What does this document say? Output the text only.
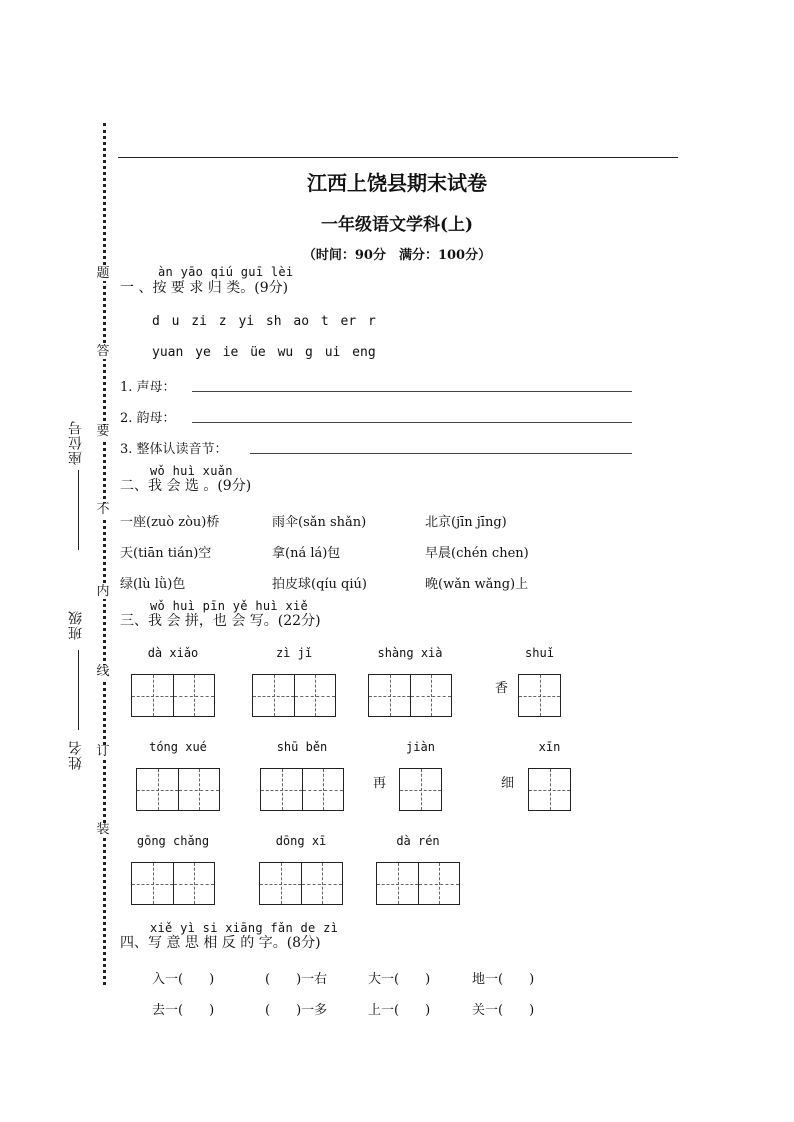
题
答
要
不
内
线
订
装
座位号
班级
姓名
江西上饶县期末试卷
一年级语文学科(上)
（时间：90分　满分：100分）
àn yāo qiú guī lèi
一 、按 要 求 归 类。(9分)
d u zi z yi sh ao t er r
yuan ye ie üe wu g ui eng
1. 声母：
2. 韵母：
3. 整体认读音节：
wǒ huì xuǎn
二、我 会 选 。(9分)
一座(zuò zòu)桥	雨伞(sǎn shǎn)	北京(jīn jīng)
天(tiān tián)空	拿(ná lá)包	早晨(chén chen)
绿(lù lǜ)色	拍皮球(qíu qiú)	晚(wǎn wǎng)上
wǒ huì pīn yě huì xiě
三、我 会 拼，也 会 写。(22分)
dà xiǎo	zì jǐ	shàng xià
香
shuǐ
tóng xué	shū běn
再
jiàn
细
xīn
gōng chǎng	dōng xī	dà rén
xiě yì si xiāng fǎn de zì
四、写 意 思 相 反 的 字。(8分)
入一(　　)	(　　)一右	大一(　　)	地一(　　)
去一(　　)	(　　)一多	上一(　　)	关一(　　)
